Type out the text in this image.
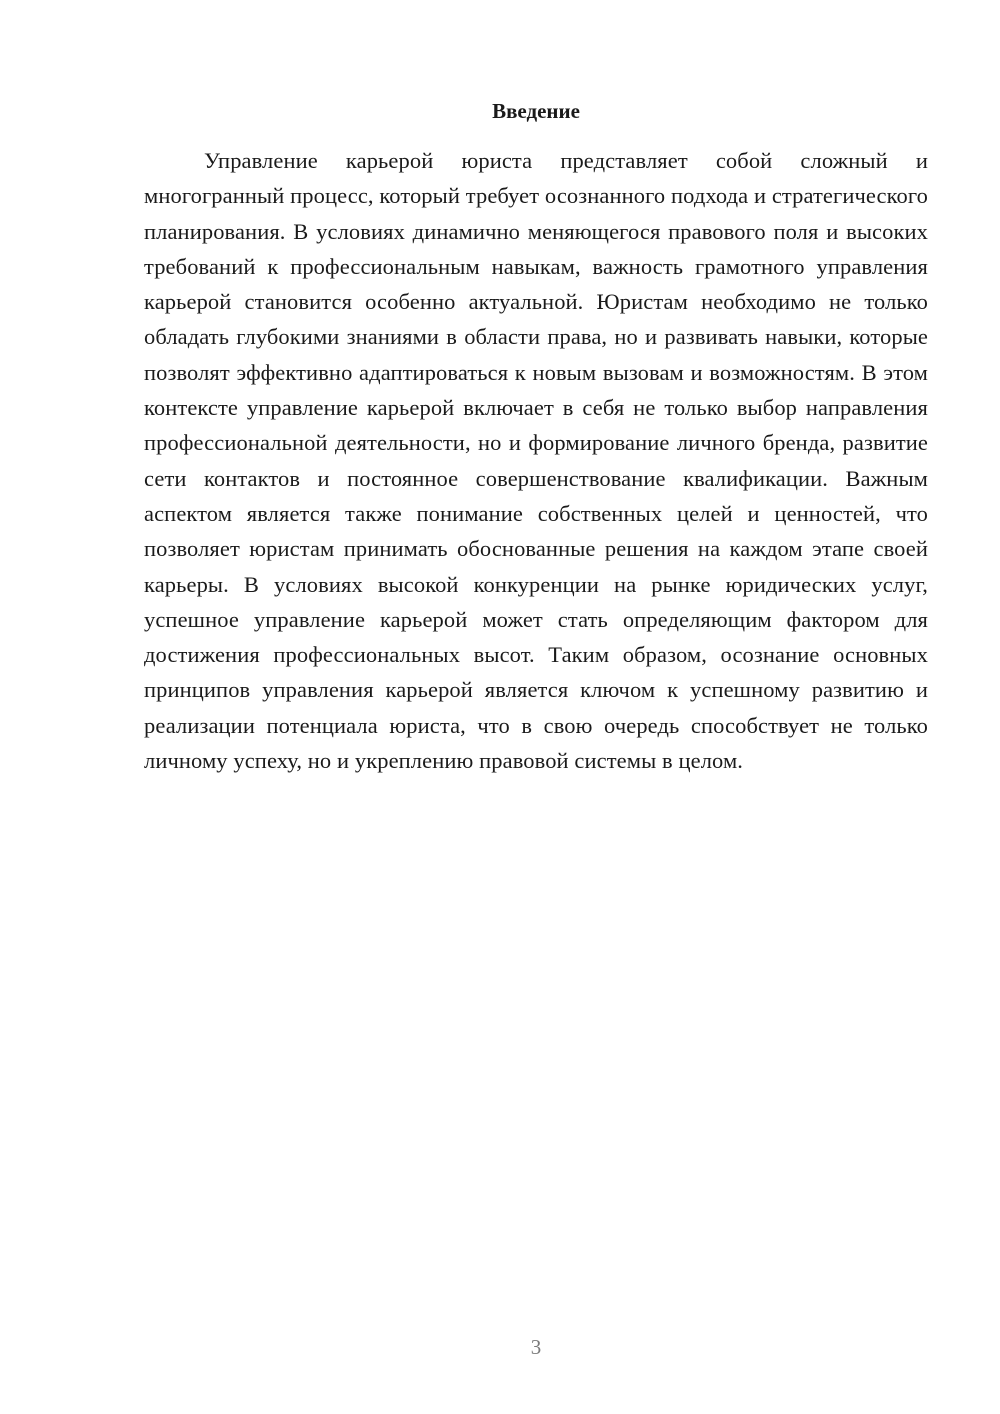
Введение

Управление карьерой юриста представляет собой сложный и многогранный процесс, который требует осознанного подхода и стратегического планирования. В условиях динамично меняющегося правового поля и высоких требований к профессиональным навыкам, важность грамотного управления карьерой становится особенно актуальной. Юристам необходимо не только обладать глубокими знаниями в области права, но и развивать навыки, которые позволят эффективно адаптироваться к новым вызовам и возможностям. В этом контексте управление карьерой включает в себя не только выбор направления профессиональной деятельности, но и формирование личного бренда, развитие сети контактов и постоянное совершенствование квалификации. Важным аспектом является также понимание собственных целей и ценностей, что позволяет юристам принимать обоснованные решения на каждом этапе своей карьеры. В условиях высокой конкуренции на рынке юридических услуг, успешное управление карьерой может стать определяющим фактором для достижения профессиональных высот. Таким образом, осознание основных принципов управления карьерой является ключом к успешному развитию и реализации потенциала юриста, что в свою очередь способствует не только личному успеху, но и укреплению правовой системы в целом.

3
